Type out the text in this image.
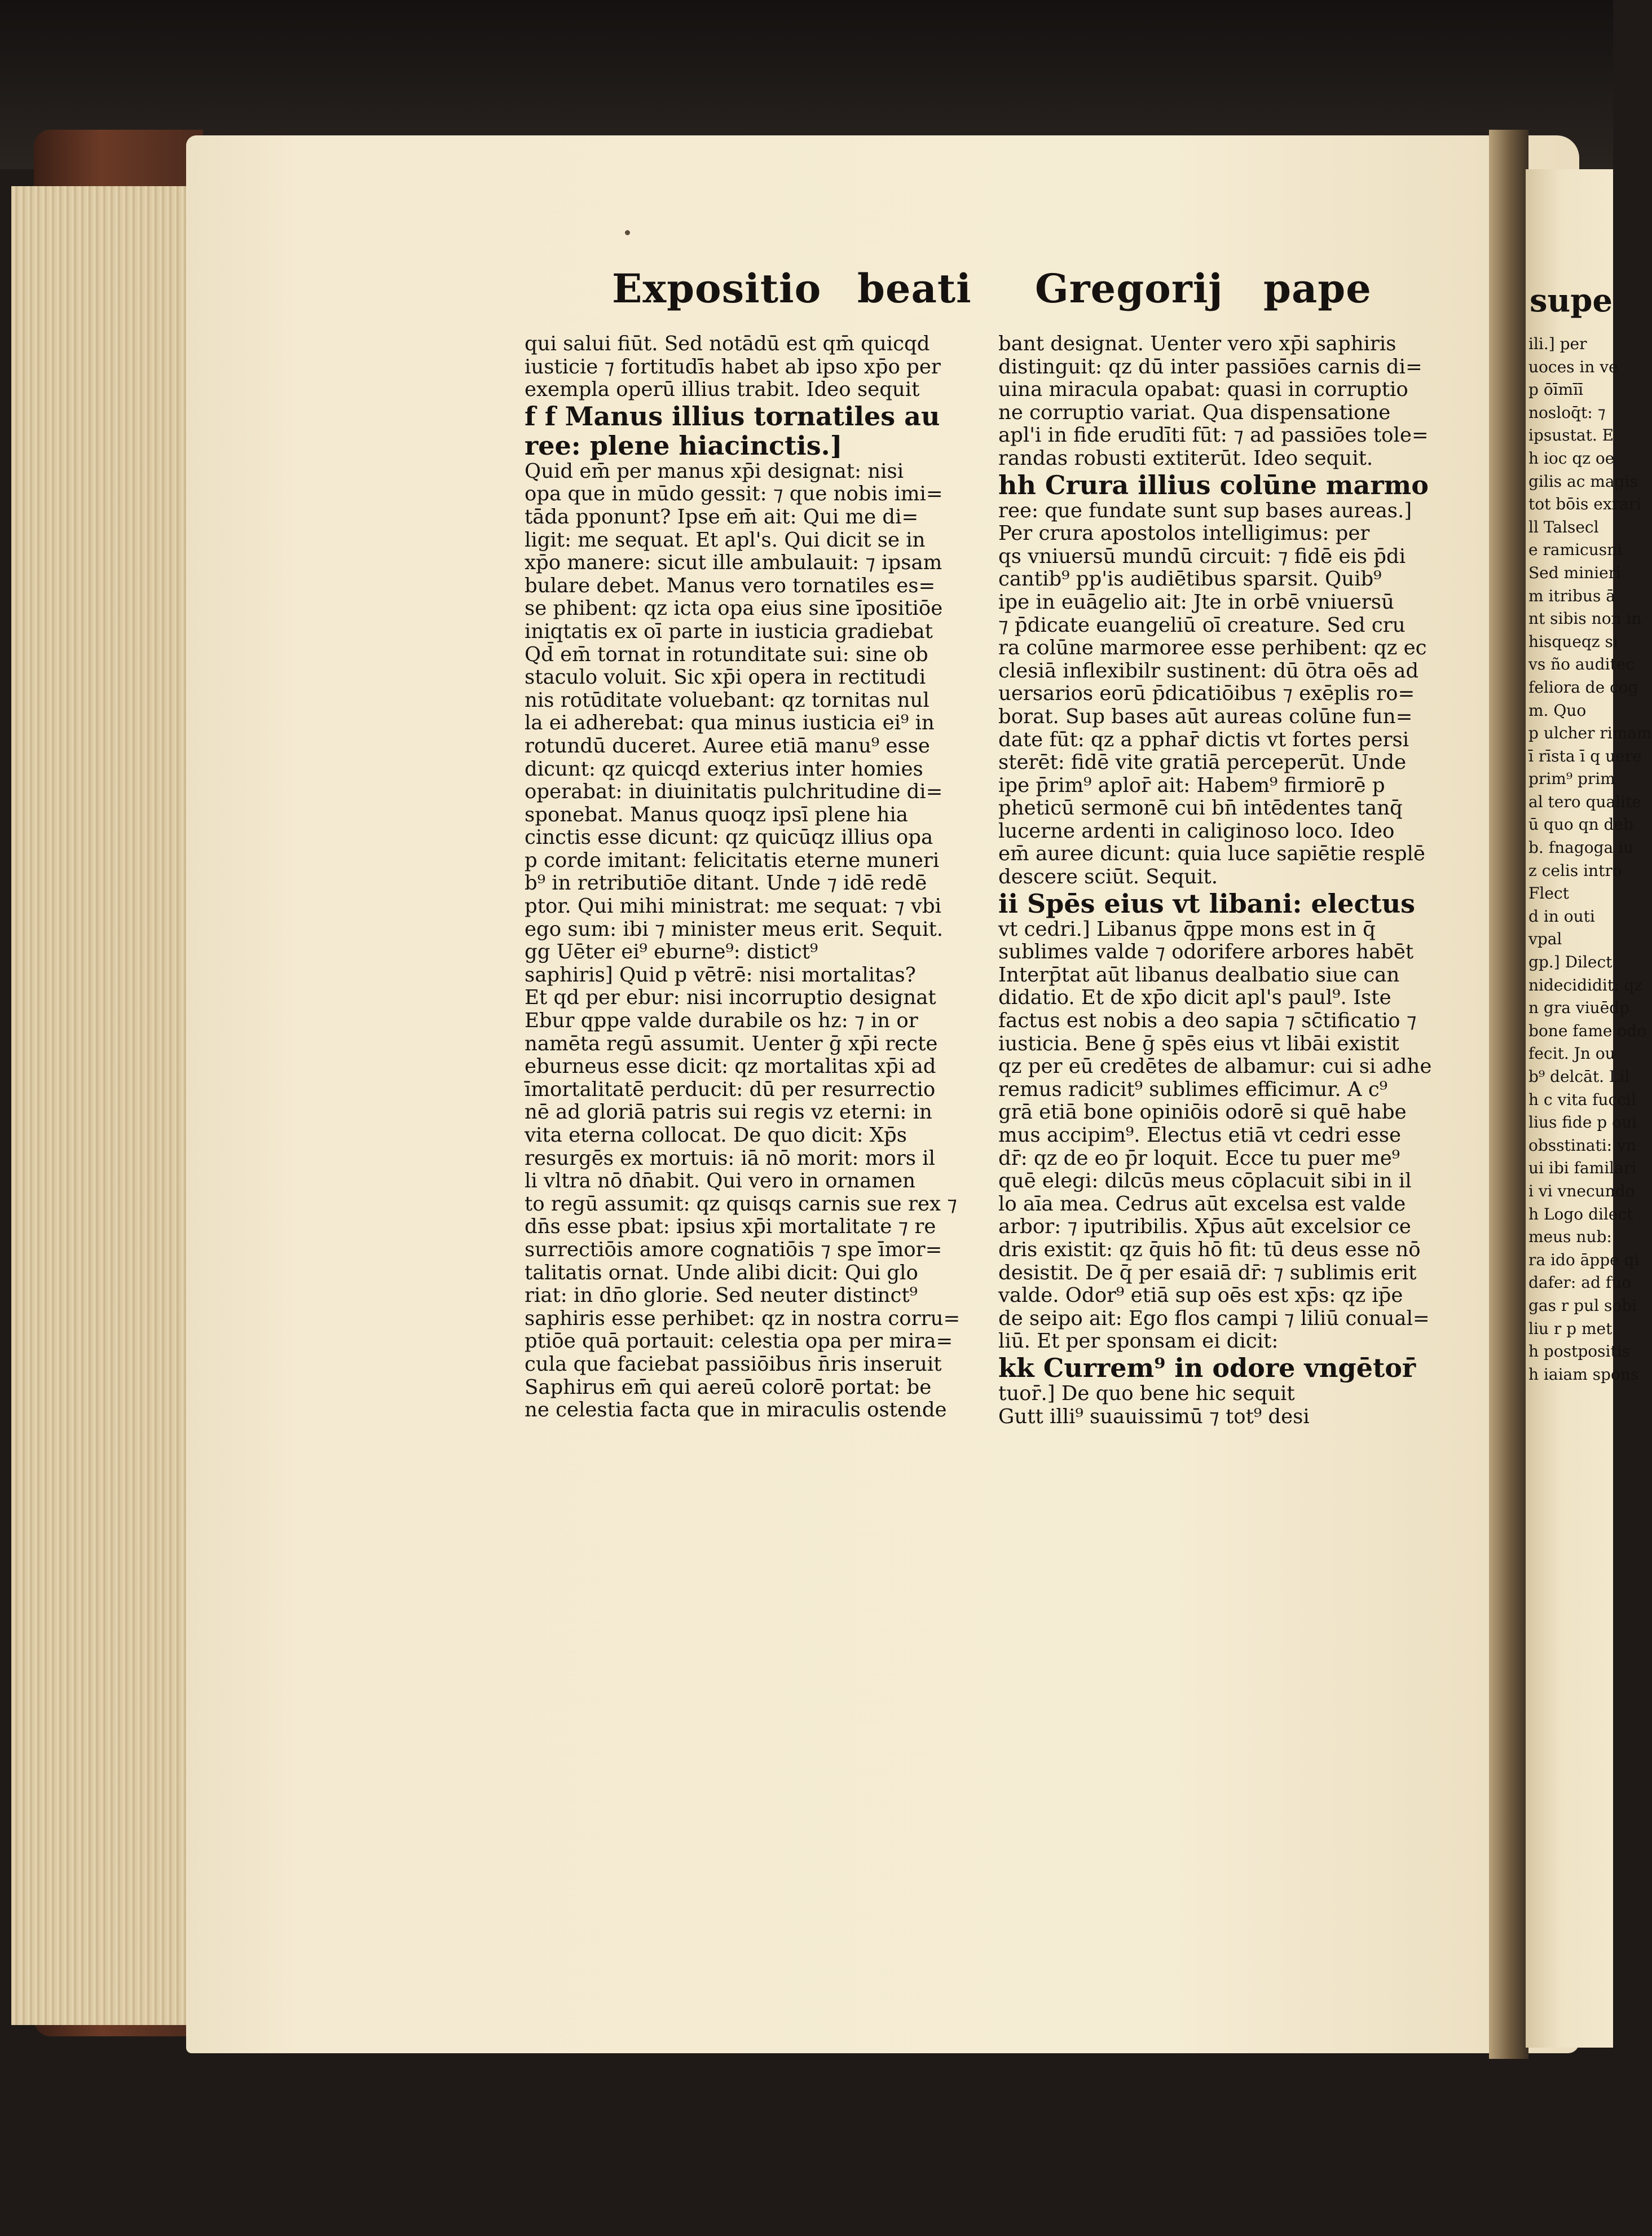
Expositio beati Gregorij pape
qui salui fiūt. Sed notādū est qm̄ quicqd
iusticie ⁊ fortitudīs habet ab ipso xp̄o per
exempla operū illius trabit. Ideo sequit
f f Manus illius tornatiles au
ree: plene hiacinctis.]
Quid em̄ per manus xp̄i designat: nisi
opa que in mūdo gessit: ⁊ que nobis imi=
tāda pponunt? Ipse em̄ ait: Qui me di=
ligit: me sequat. Et apl's. Qui dicit se in
xp̄o manere: sicut ille ambulauit: ⁊ ipsam
bulare debet. Manus vero tornatiles es=
se phibent: qz icta opa eius sine īpositiōe
iniqtatis ex oī parte in iusticia gradiebat
Qd̄ em̄ tornat in rotunditate sui: sine ob
staculo voluit. Sic xp̄i opera in rectitudi
nis rotūditate voluebant: qz tornitas nul
la ei adherebat: qua minus iusticia ei⁹ in
rotundū duceret. Auree etiā manu⁹ esse
dicunt: qz quicqd exterius inter homies
operabat: in diuinitatis pulchritudine di=
sponebat. Manus quoqz ipsī plene hia
cinctis esse dicunt: qz quicūqz illius opa
p corde imitant: felicitatis eterne muneri
b⁹ in retributiōe ditant. Unde ⁊ idē redē
ptor. Qui mihi ministrat: me sequat: ⁊ vbi
ego sum: ibi ⁊ minister meus erit. Sequit.
gg Uēter ei⁹ eburne⁹: distict⁹
saphiris] Quid p vētrē: nisi mortalitas?
Et qd per ebur: nisi incorruptio designat
Ebur qppe valde durabile os hz: ⁊ in or
namēta regū assumit. Uenter ḡ xp̄i recte
eburneus esse dicit: qz mortalitas xp̄i ad
īmortalitatē perducit: dū per resurrectio
nē ad gloriā patris sui regis vz eterni: in
vita eterna collocat. De quo dicit: Xp̄s
resurgēs ex mortuis: iā nō morit: mors il
li vltra nō dn̄abit. Qui vero in ornamen
to regū assumit: qz quisqs carnis sue rex ⁊
dn̄s esse pbat: ipsius xp̄i mortalitate ⁊ re
surrectiōis amore cognatiōis ⁊ spe īmor=
talitatis ornat. Unde alibi dicit: Qui glo
riat: in dn̄o glorie. Sed neuter distinct⁹
saphiris esse perhibet: qz in nostra corru=
ptiōe quā portauit: celestia opa per mira=
cula que faciebat passiōibus n̄ris inseruit
Saphirus em̄ qui aereū colorē portat: be
ne celestia facta que in miraculis ostende
bant designat. Uenter vero xp̄i saphiris
distinguit: qz dū inter passiōes carnis di=
uina miracula opabat: quasi in corruptio
ne corruptio variat. Qua dispensatione
apl'i in fide erudīti fūt: ⁊ ad passiōes tole=
randas robusti extiterūt. Ideo sequit.
hh Crura illius colūne marmo
ree: que fundate sunt sup bases aureas.]
Per crura apostolos intelligimus: per
qs vniuersū mundū circuit: ⁊ fidē eis p̄di
cantib⁹ pp'is audiētibus sparsit. Quib⁹
ipe in euāgelio ait: Jte in orbē vniuersū
⁊ p̄dicate euangeliū oī creature. Sed cru
ra colūne marmoree esse perhibent: qz ec
clesiā inflexibilr sustinent: dū ōtra oēs ad
uersarios eorū p̄dicatiōibus ⁊ exēplis ro=
borat. Sup bases aūt aureas colūne fun=
date fūt: qz a pphar̄ dictis vt fortes persi
sterēt: fidē vite gratiā perceperūt. Unde
ipe p̄rim⁹ aplor̄ ait: Habem⁹ firmiorē p
pheticū sermonē cui bn̄ intēdentes tanq̄
lucerne ardenti in caliginoso loco. Ideo
em̄ auree dicunt: quia luce sapiētie resplē
descere sciūt. Sequit.
ii Spēs eius vt libani: electus
vt cedri.] Libanus q̄ppe mons est in q̄
sublimes valde ⁊ odorifere arbores habēt
Interp̄tat aūt libanus dealbatio siue can
didatio. Et de xp̄o dicit apl's paul⁹. Iste
factus est nobis a deo sapia ⁊ sc̄tificatio ⁊
iusticia. Bene ḡ spēs eius vt libāi existit
qz per eū credētes de albamur: cui si adhe
remus radicit⁹ sublimes efficimur. A c⁹
grā etiā bone opiniōis odorē si quē habe
mus accipim⁹. Electus etiā vt cedri esse
dr̄: qz de eo p̄r loquit. Ecce tu puer me⁹
quē elegi: dilcūs meus cōplacuit sibi in il
lo aīa mea. Cedrus aūt excelsa est valde
arbor: ⁊ iputribilis. Xp̄us aūt excelsior ce
dris existit: qz q̄uis hō fit: tū deus esse nō
desistit. De q̄ per esaiā dr̄: ⁊ sublimis erit
valde. Odor⁹ etiā sup oēs est xp̄s: qz ip̄e
de seipo ait: Ego flos campi ⁊ liliū conual=
liū. Et per sponsam ei dicit:
kk Currem⁹ in odore vngētor̄
tuor̄.] De quo bene hic sequit
Gutt illi⁹ suauissimū ⁊ tot⁹ desi
supe
ili.] per
uoces in ve
p ōīmīī
nosloq̄t: ⁊
ipsustat. E
h ioc qz oe
gilis ac magis
tot bōis exrari
ll Talsecl
e ramicusni
Sed minieri
m itribus ā
nt sibis non in
hisqueqz si
vs ño auditec
feliora de cog
m. Quo
p ulcher rimam
ī rīsta ī q uere
prim⁹ prim
al tero qualite
ū quo qn deb
b. fnagoga iu
z celis intro
Flect
d in outi
vpal
gp.] Dilect
nidecididit: qz
n gra viuēdp
bone fame odo
fecit. Jn ou
b⁹ delcāt. Lil
h c vita fuccil
lius fide p oui
obsstinati: vn
ui ibi familari
i vi vnecundo
h Logo dilect
meus nub:
ra ido āppe qi
dafer: ad fuo
gas r pul sobi
liu r p met
h postpositis
h iaiam spons
